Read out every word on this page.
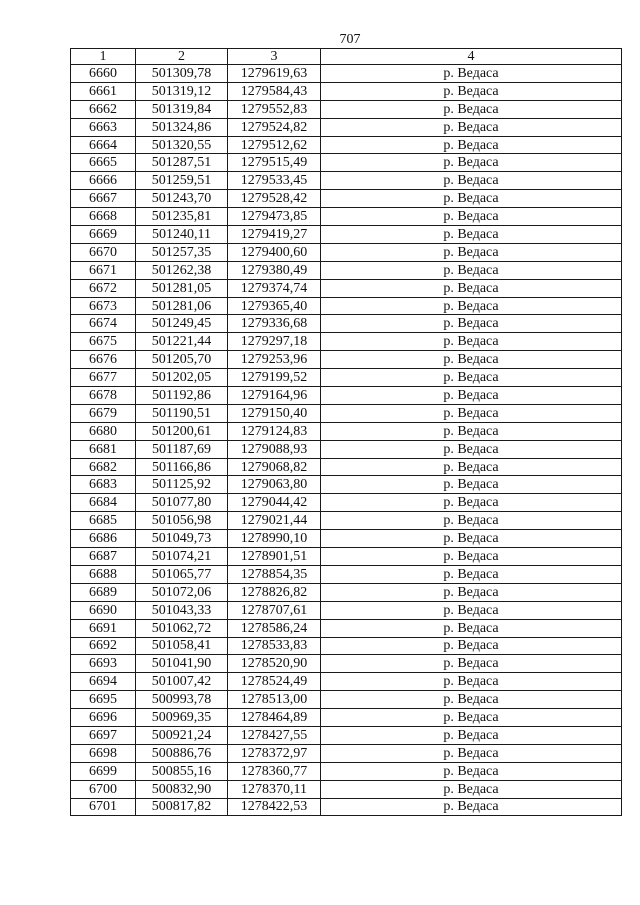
707
1	2	3	4
6660	501309,78	1279619,63	р. Ведаса
6661	501319,12	1279584,43	р. Ведаса
6662	501319,84	1279552,83	р. Ведаса
6663	501324,86	1279524,82	р. Ведаса
6664	501320,55	1279512,62	р. Ведаса
6665	501287,51	1279515,49	р. Ведаса
6666	501259,51	1279533,45	р. Ведаса
6667	501243,70	1279528,42	р. Ведаса
6668	501235,81	1279473,85	р. Ведаса
6669	501240,11	1279419,27	р. Ведаса
6670	501257,35	1279400,60	р. Ведаса
6671	501262,38	1279380,49	р. Ведаса
6672	501281,05	1279374,74	р. Ведаса
6673	501281,06	1279365,40	р. Ведаса
6674	501249,45	1279336,68	р. Ведаса
6675	501221,44	1279297,18	р. Ведаса
6676	501205,70	1279253,96	р. Ведаса
6677	501202,05	1279199,52	р. Ведаса
6678	501192,86	1279164,96	р. Ведаса
6679	501190,51	1279150,40	р. Ведаса
6680	501200,61	1279124,83	р. Ведаса
6681	501187,69	1279088,93	р. Ведаса
6682	501166,86	1279068,82	р. Ведаса
6683	501125,92	1279063,80	р. Ведаса
6684	501077,80	1279044,42	р. Ведаса
6685	501056,98	1279021,44	р. Ведаса
6686	501049,73	1278990,10	р. Ведаса
6687	501074,21	1278901,51	р. Ведаса
6688	501065,77	1278854,35	р. Ведаса
6689	501072,06	1278826,82	р. Ведаса
6690	501043,33	1278707,61	р. Ведаса
6691	501062,72	1278586,24	р. Ведаса
6692	501058,41	1278533,83	р. Ведаса
6693	501041,90	1278520,90	р. Ведаса
6694	501007,42	1278524,49	р. Ведаса
6695	500993,78	1278513,00	р. Ведаса
6696	500969,35	1278464,89	р. Ведаса
6697	500921,24	1278427,55	р. Ведаса
6698	500886,76	1278372,97	р. Ведаса
6699	500855,16	1278360,77	р. Ведаса
6700	500832,90	1278370,11	р. Ведаса
6701	500817,82	1278422,53	р. Ведаса
